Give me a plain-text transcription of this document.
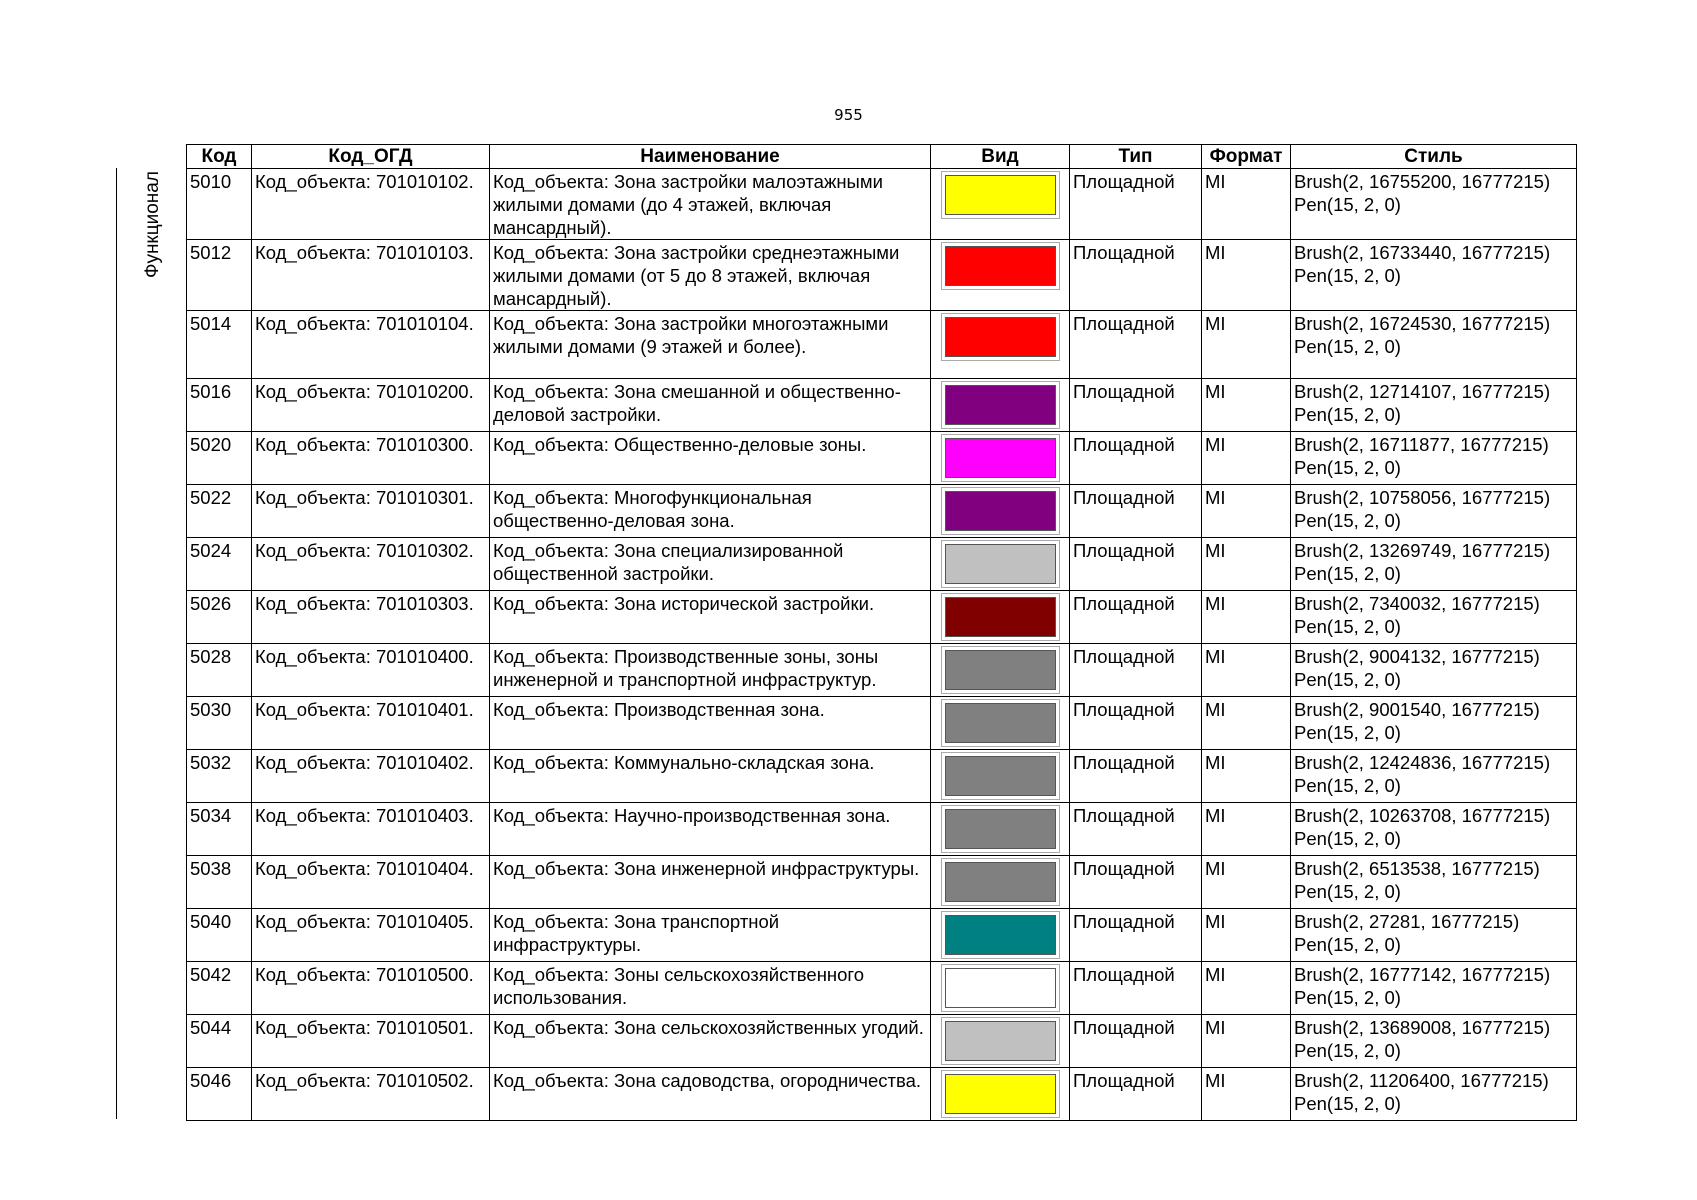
955
Функционал
Код	Код_ОГД	Наименование	Вид	Тип	Формат	Стиль
5010	Код_объекта: 701010102.	Код_объекта: Зона застройки малоэтажными жилыми домами (до 4 этажей, включая мансардный).		Площадной	MI	Brush(2, 16755200, 16777215)
Pen(15, 2, 0)

5012	Код_объекта: 701010103.	Код_объекта: Зона застройки среднеэтажными жилыми домами (от 5 до 8 этажей, включая мансардный).		Площадной	MI	Brush(2, 16733440, 16777215)
Pen(15, 2, 0)

5014	Код_объекта: 701010104.	Код_объекта: Зона застройки многоэтажными жилыми домами (9 этажей и более).		Площадной	MI	Brush(2, 16724530, 16777215)
Pen(15, 2, 0)

5016	Код_объекта: 701010200.	Код_объекта: Зона смешанной и общественно-деловой застройки.		Площадной	MI	Brush(2, 12714107, 16777215)
Pen(15, 2, 0)

5020	Код_объекта: 701010300.	Код_объекта: Общественно-деловые зоны.		Площадной	MI	Brush(2, 16711877, 16777215)
Pen(15, 2, 0)

5022	Код_объекта: 701010301.	Код_объекта: Многофункциональная общественно-деловая зона.		Площадной	MI	Brush(2, 10758056, 16777215)
Pen(15, 2, 0)

5024	Код_объекта: 701010302.	Код_объекта: Зона специализированной общественной застройки.		Площадной	MI	Brush(2, 13269749, 16777215)
Pen(15, 2, 0)

5026	Код_объекта: 701010303.	Код_объекта: Зона исторической застройки.		Площадной	MI	Brush(2, 7340032, 16777215)
Pen(15, 2, 0)

5028	Код_объекта: 701010400.	Код_объекта: Производственные зоны, зоны инженерной и транспортной инфраструктур.		Площадной	MI	Brush(2, 9004132, 16777215)
Pen(15, 2, 0)

5030	Код_объекта: 701010401.	Код_объекта: Производственная зона.		Площадной	MI	Brush(2, 9001540, 16777215)
Pen(15, 2, 0)

5032	Код_объекта: 701010402.	Код_объекта: Коммунально-складская зона.		Площадной	MI	Brush(2, 12424836, 16777215)
Pen(15, 2, 0)

5034	Код_объекта: 701010403.	Код_объекта: Научно-производственная зона.		Площадной	MI	Brush(2, 10263708, 16777215)
Pen(15, 2, 0)

5038	Код_объекта: 701010404.	Код_объекта: Зона инженерной инфраструктуры.		Площадной	MI	Brush(2, 6513538, 16777215)
Pen(15, 2, 0)

5040	Код_объекта: 701010405.	Код_объекта: Зона транспортной инфраструктуры.		Площадной	MI	Brush(2, 27281, 16777215)
Pen(15, 2, 0)

5042	Код_объекта: 701010500.	Код_объекта: Зоны сельскохозяйственного использования.		Площадной	MI	Brush(2, 16777142, 16777215)
Pen(15, 2, 0)

5044	Код_объекта: 701010501.	Код_объекта: Зона сельскохозяйственных угодий.		Площадной	MI	Brush(2, 13689008, 16777215)
Pen(15, 2, 0)

5046	Код_объекта: 701010502.	Код_объекта: Зона садоводства, огородничества.		Площадной	MI	Brush(2, 11206400, 16777215)
Pen(15, 2, 0)
